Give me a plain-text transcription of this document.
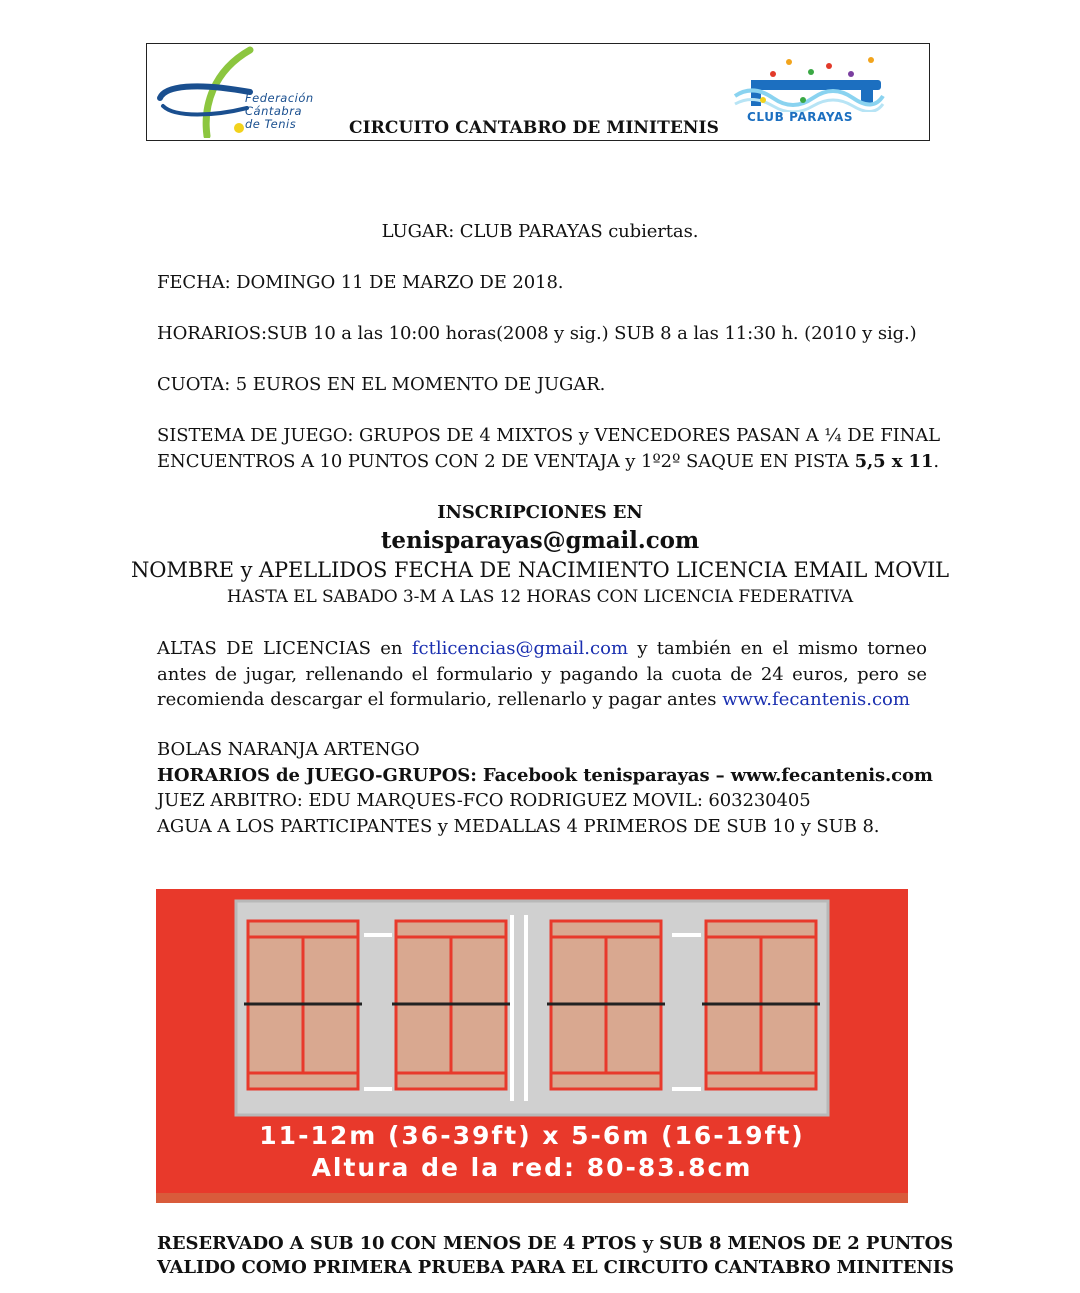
Federación
Cántabra
de Tenis	CIRCUITO CANTABRO DE MINITENIS
CLUB PARAYAS
LUGAR: CLUB PARAYAS cubiertas.
FECHA: DOMINGO 11 DE MARZO DE 2018.
HORARIOS:SUB 10 a las 10:00 horas(2008 y sig.) SUB 8 a las 11:30 h. (2010 y sig.)
CUOTA: 5 EUROS EN EL MOMENTO DE JUGAR.
SISTEMA DE JUEGO: GRUPOS DE 4 MIXTOS y VENCEDORES PASAN A ¼ DE FINAL
ENCUENTROS A 10 PUNTOS CON 2 DE VENTAJA y 1º2º SAQUE EN PISTA 5,5 x 11.
INSCRIPCIONES EN
tenisparayas@gmail.com
NOMBRE y APELLIDOS FECHA DE NACIMIENTO LICENCIA EMAIL MOVIL
HASTA EL SABADO 3-M A LAS 12 HORAS CON LICENCIA FEDERATIVA
ALTAS DE LICENCIAS en fctlicencias@gmail.com y también en el mismo torneo antes de jugar, rellenando el formulario y pagando la cuota de 24 euros, pero se recomienda descargar el formulario, rellenarlo y pagar antes www.fecantenis.com
BOLAS NARANJA ARTENGO
HORARIOS de JUEGO-GRUPOS: Facebook tenisparayas – www.fecantenis.com
JUEZ ARBITRO: EDU MARQUES-FCO RODRIGUEZ MOVIL: 603230405
AGUA A LOS PARTICIPANTES y MEDALLAS 4 PRIMEROS DE SUB 10 y SUB 8.
11-12m (36-39ft) x 5-6m (16-19ft)
Altura de la red: 80-83.8cm
RESERVADO A SUB 10 CON MENOS DE 4 PTOS y SUB 8 MENOS DE 2 PUNTOS
VALIDO COMO PRIMERA PRUEBA PARA EL CIRCUITO CANTABRO MINITENIS
